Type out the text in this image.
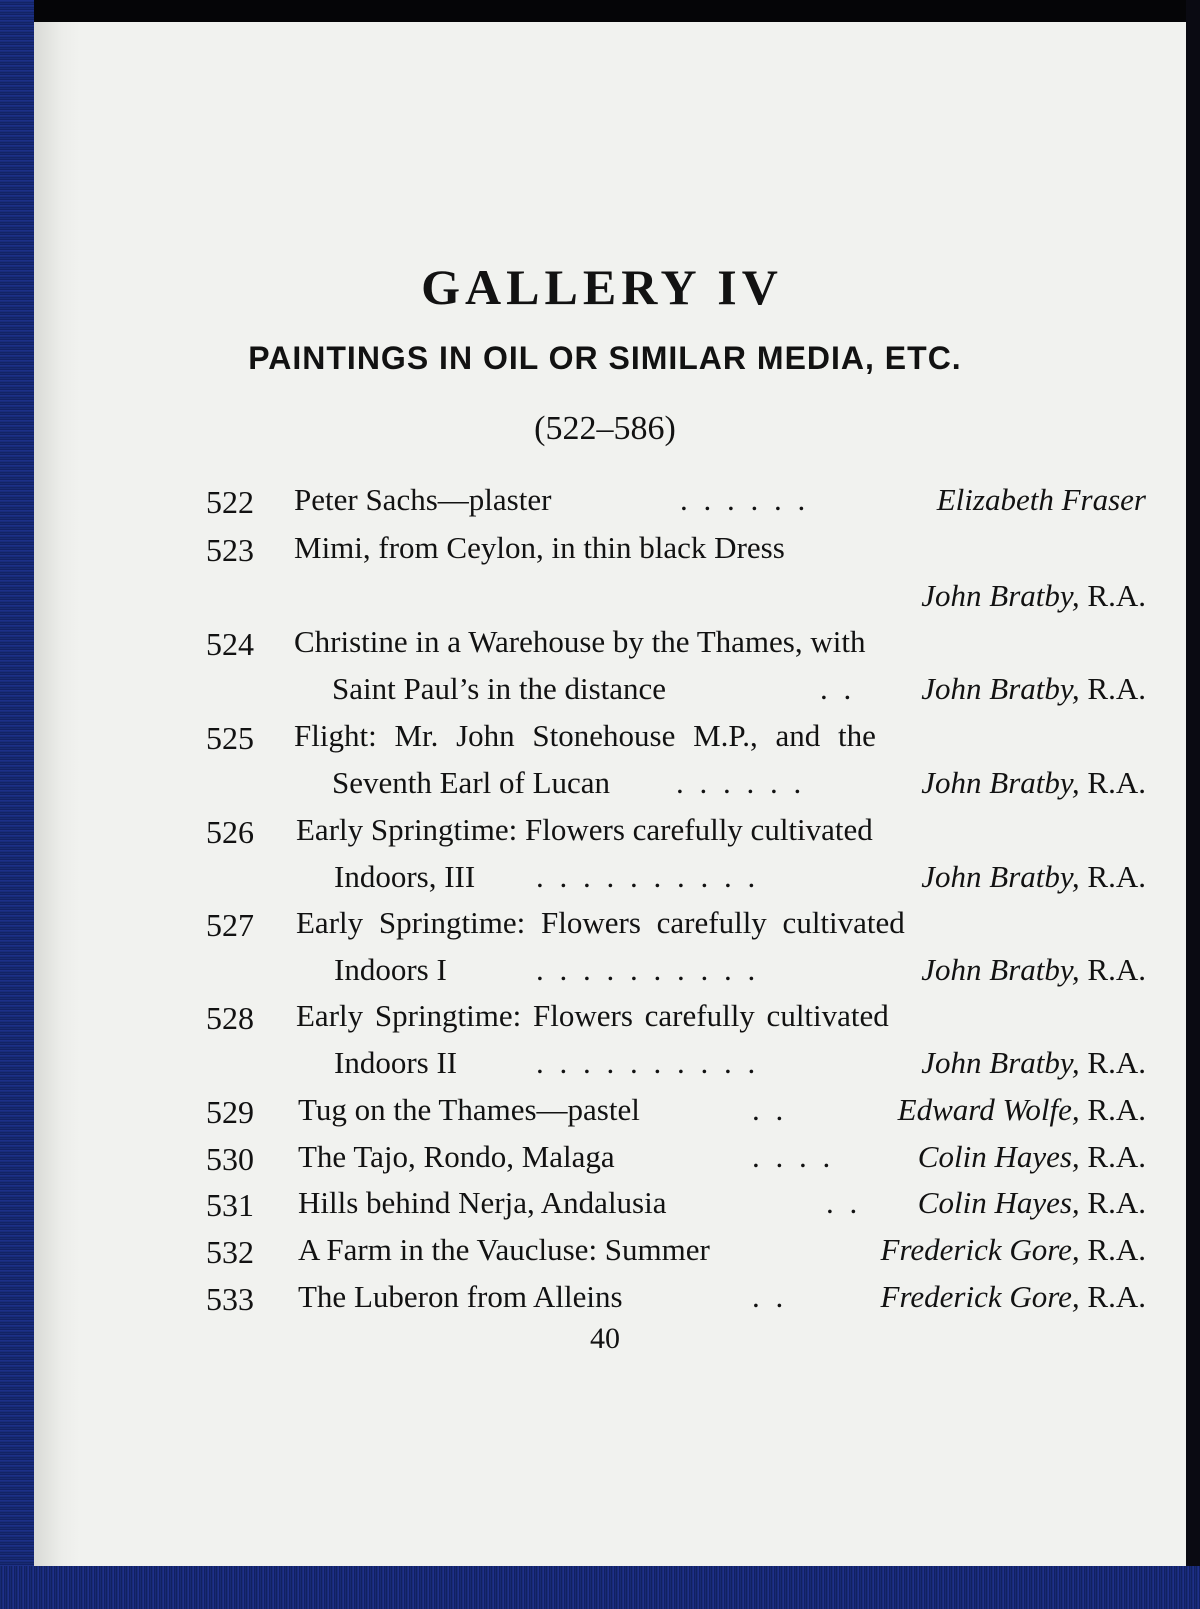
GALLERY IV
PAINTINGS IN OIL OR SIMILAR MEDIA, ETC.
(522–586)
522 Peter Sachs—plaster	. . . . . .	Elizabeth Fraser
523 Mimi, from Ceylon, in thin black Dress
John Bratby, R.A.
524 Christine in a Warehouse by the Thames, with
Saint Paul’s in the distance	. .	John Bratby, R.A.
525 Flight: Mr. John Stonehouse M.P., and the
Seventh Earl of Lucan . . . . . .	John Bratby, R.A.
526 Early Springtime: Flowers carefully cultivated
Indoors, III . . . . . . . . . .	John Bratby, R.A.
527 Early Springtime: Flowers carefully cultivated
Indoors I	. . . . . . . . . .	John Bratby, R.A.
528 Early Springtime: Flowers carefully cultivated
Indoors II	. . . . . . . . . .	John Bratby, R.A.
529 Tug on the Thames—pastel	. .	Edward Wolfe, R.A.
530 The Tajo, Rondo, Malaga	. . . .	Colin Hayes, R.A.
531 Hills behind Nerja, Andalusia	. .	Colin Hayes, R.A.
532 A Farm in the Vaucluse: Summer	Frederick Gore, R.A.
533 The Luberon from Alleins	. .	Frederick Gore, R.A.
40
